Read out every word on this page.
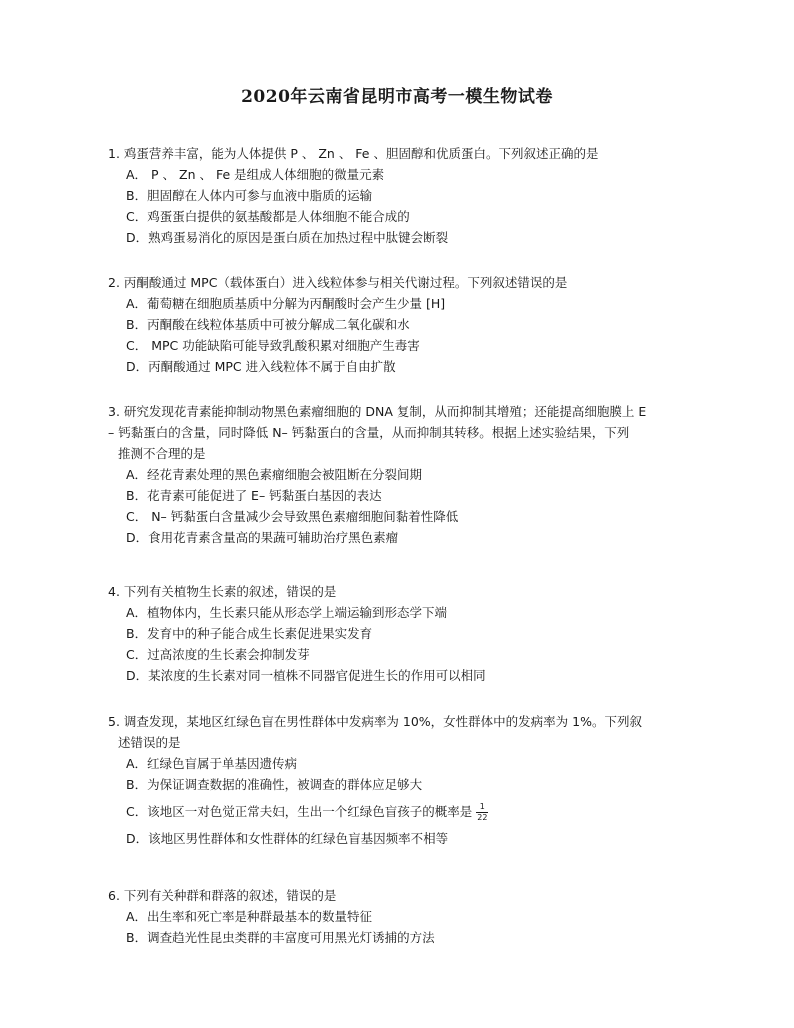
2020年云南省昆明市高考一模生物试卷
1. 鸡蛋营养丰富，能为人体提供 P 、 Zn 、 Fe 、胆固醇和优质蛋白。下列叙述正确的是
A． P 、 Zn 、 Fe 是组成人体细胞的微量元素
B．胆固醇在人体内可参与血液中脂质的运输
C．鸡蛋蛋白提供的氨基酸都是人体细胞不能合成的
D．熟鸡蛋易消化的原因是蛋白质在加热过程中肽键会断裂
2. 丙酮酸通过 MPC（载体蛋白）进入线粒体参与相关代谢过程。下列叙述错误的是
A．葡萄糖在细胞质基质中分解为丙酮酸时会产生少量 [H]
B．丙酮酸在线粒体基质中可被分解成二氧化碳和水
C． MPC 功能缺陷可能导致乳酸积累对细胞产生毒害
D．丙酮酸通过 MPC 进入线粒体不属于自由扩散
3. 研究发现花青素能抑制动物黑色素瘤细胞的 DNA 复制，从而抑制其增殖；还能提高细胞膜上 E
– 钙黏蛋白的含量，同时降低 N– 钙黏蛋白的含量，从而抑制其转移。根据上述实验结果，下列
推测不合理的是
A．经花青素处理的黑色素瘤细胞会被阻断在分裂间期
B．花青素可能促进了 E– 钙黏蛋白基因的表达
C． N– 钙黏蛋白含量减少会导致黑色素瘤细胞间黏着性降低
D．食用花青素含量高的果蔬可辅助治疗黑色素瘤
4. 下列有关植物生长素的叙述，错误的是
A．植物体内，生长素只能从形态学上端运输到形态学下端
B．发育中的种子能合成生长素促进果实发育
C．过高浓度的生长素会抑制发芽
D．某浓度的生长素对同一植株不同器官促进生长的作用可以相同
5. 调查发现，某地区红绿色盲在男性群体中发病率为 10%，女性群体中的发病率为 1%。下列叙
述错误的是
A．红绿色盲属于单基因遗传病
B．为保证调查数据的准确性，被调查的群体应足够大
C．该地区一对色觉正常夫妇，生出一个红绿色盲孩子的概率是 $\frac{1}{22}$
D．该地区男性群体和女性群体的红绿色盲基因频率不相等
6. 下列有关种群和群落的叙述，错误的是
A．出生率和死亡率是种群最基本的数量特征
B．调查趋光性昆虫类群的丰富度可用黑光灯诱捕的方法
